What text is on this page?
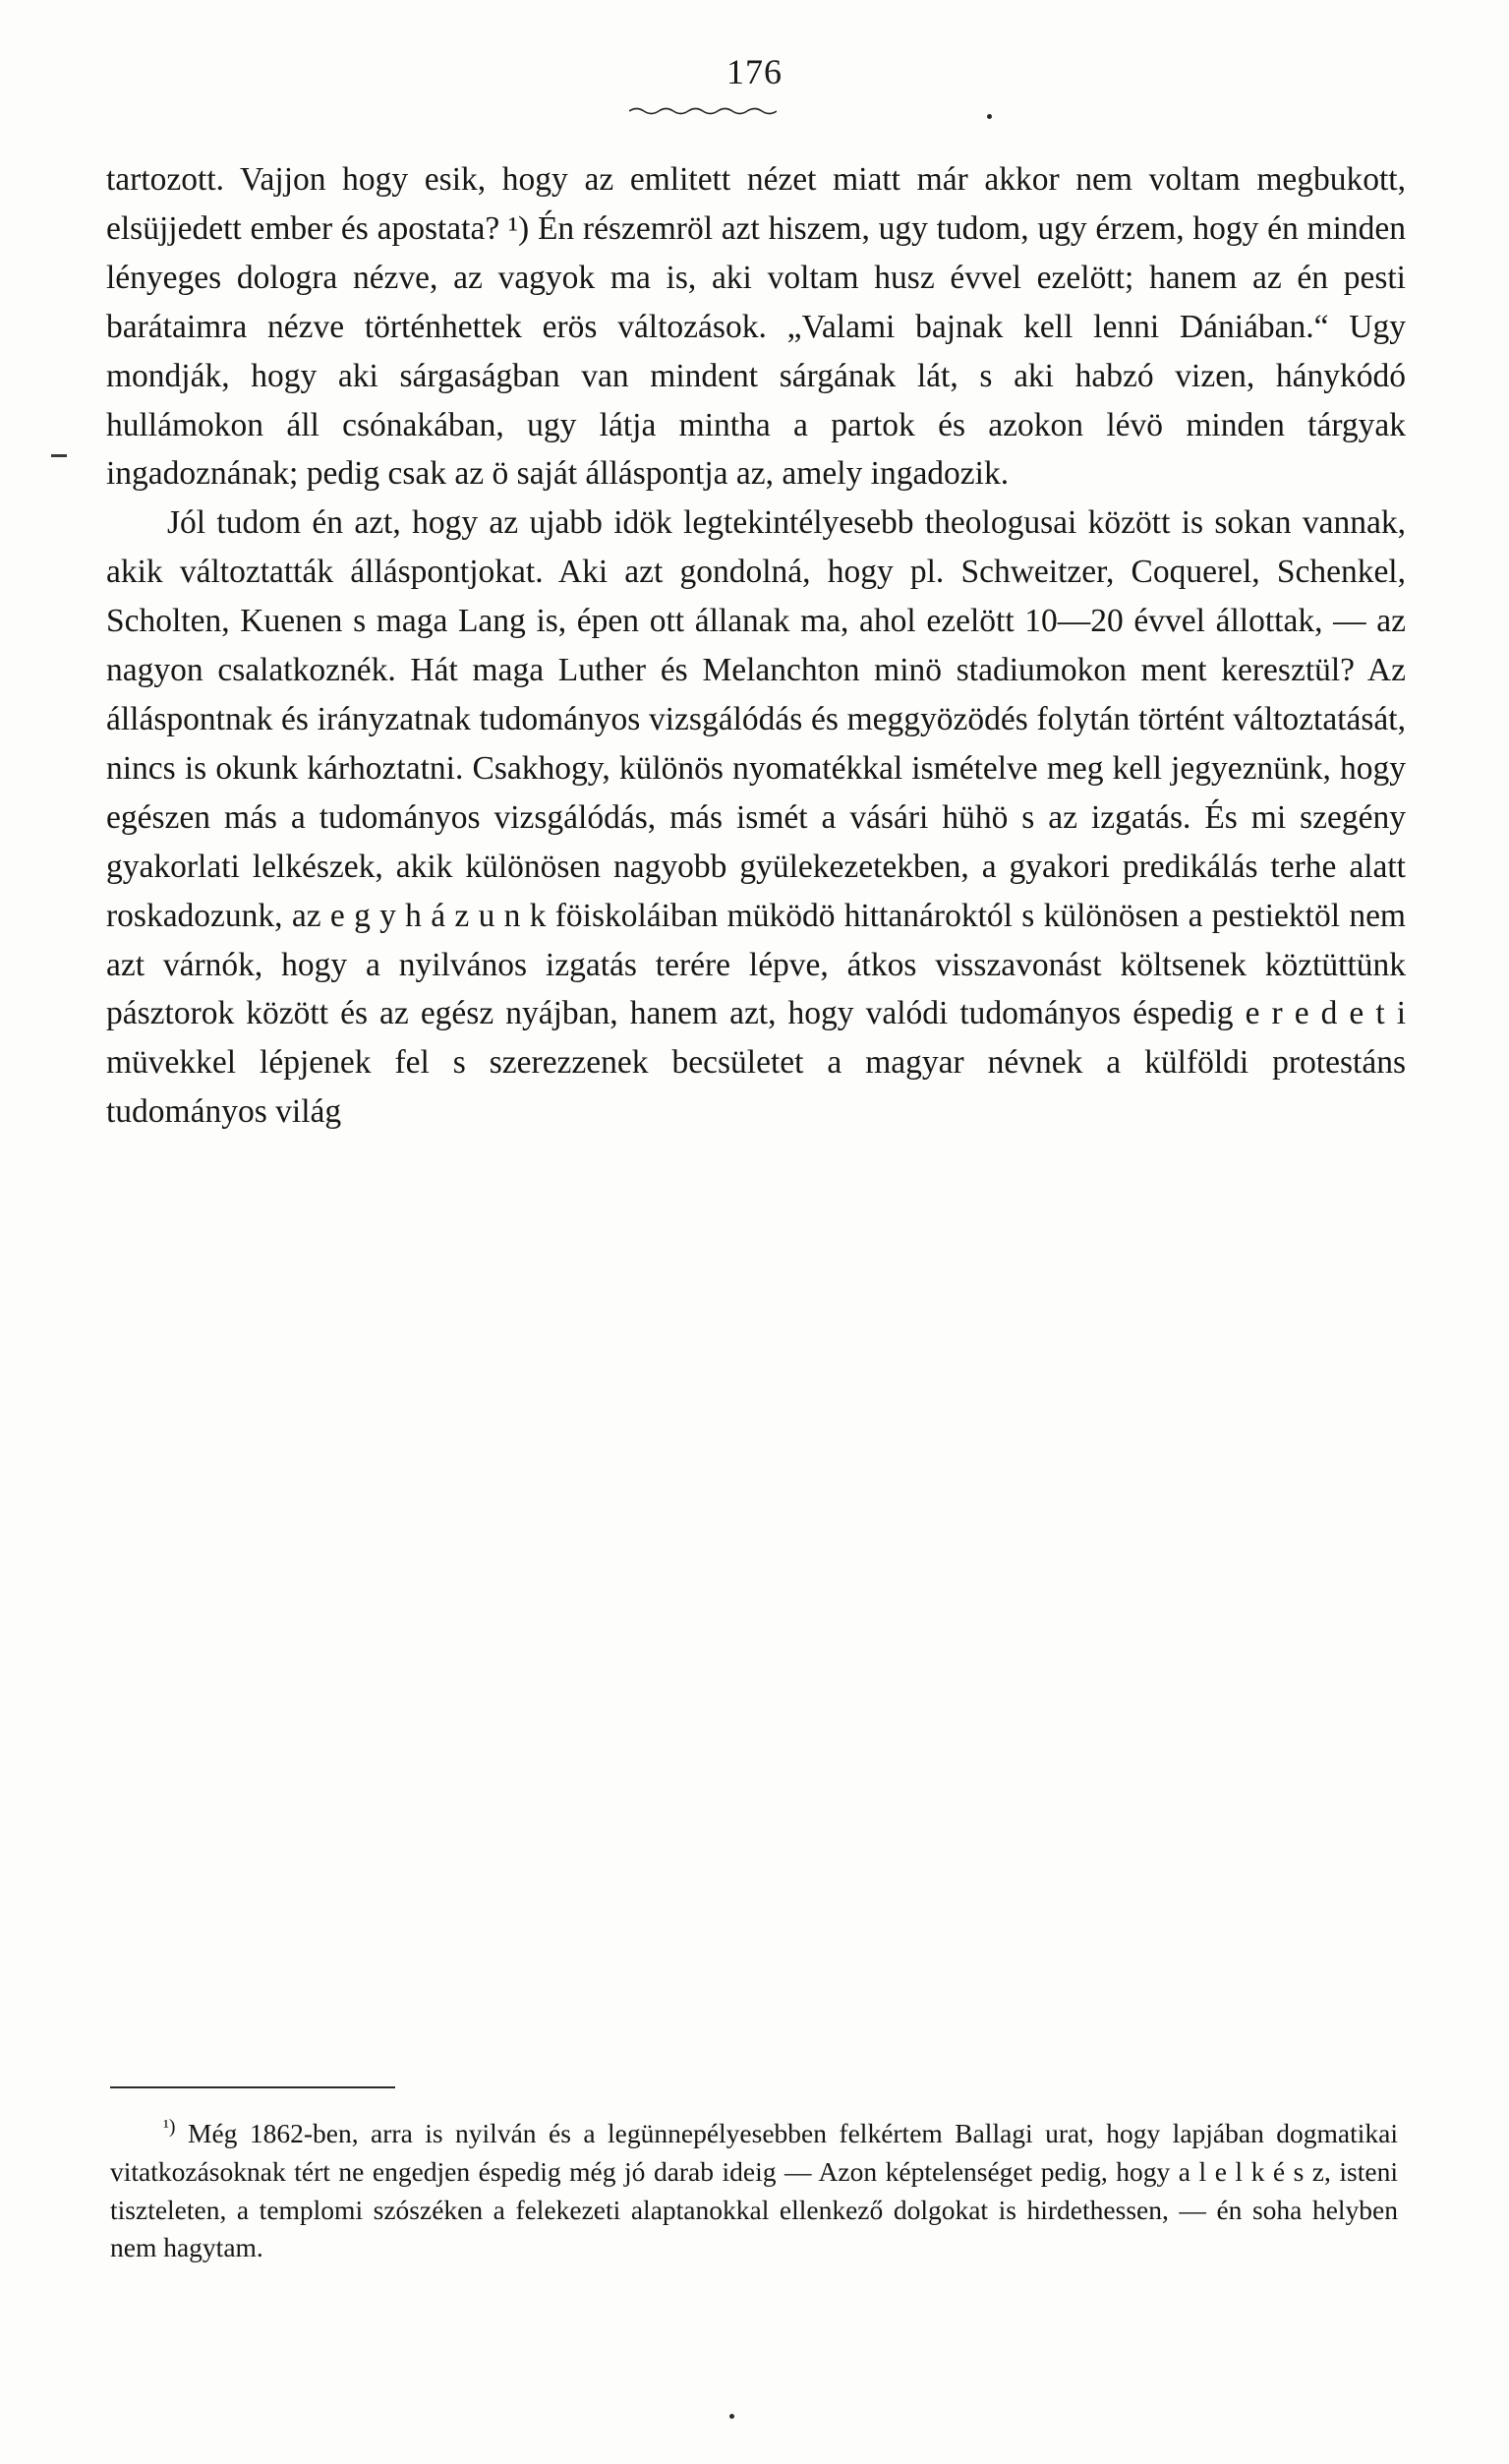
176

tartozott. Vajjon hogy esik, hogy az emlitett nézet miatt már akkor nem voltam megbukott, elsüjjedett ember és apostata? ¹) Én részemröl azt hiszem, ugy tudom, ugy érzem, hogy én minden lényeges dologra nézve, az vagyok ma is, aki voltam husz évvel ezelött; hanem az én pesti barátaimra nézve történhettek erös változások. „Valami bajnak kell lenni Dániában.“ Ugy mondják, hogy aki sárgaságban van mindent sárgának lát, s aki habzó vizen, hánykódó hullámokon áll csónakában, ugy látja mintha a partok és azokon lévö minden tárgyak ingadoznának; pedig csak az ö saját álláspontja az, amely ingadozik.

Jól tudom én azt, hogy az ujabb idök legtekintélyesebb theologusai között is sokan vannak, akik változtatták álláspontjokat. Aki azt gondolná, hogy pl. Schweitzer, Coquerel, Schenkel, Scholten, Kuenen s maga Lang is, épen ott állanak ma, ahol ezelött 10—20 évvel állottak, — az nagyon csalatkoznék. Hát maga Luther és Melanchton minö stadiumokon ment keresztül? Az álláspontnak és irányzatnak tudományos vizsgálódás és meggyözödés folytán történt változtatását, nincs is okunk kárhoztatni. Csakhogy, különös nyomatékkal ismételve meg kell jegyeznünk, hogy egészen más a tudományos vizsgálódás, más ismét a vásári hühö s az izgatás. És mi szegény gyakorlati lelkészek, akik különösen nagyobb gyülekezetekben, a gyakori predikálás terhe alatt roskadozunk, az e g y h á z u n k föiskoláiban müködö hittanároktól s különösen a pestiektöl nem azt várnók, hogy a nyilvános izgatás terére lépve, átkos visszavonást költsenek köztüttünk pásztorok között és az egész nyájban, hanem azt, hogy valódi tudományos éspedig e r e d e t i müvekkel lépjenek fel s szerezzenek becsületet a magyar névnek a külföldi protestáns tudományos világ

$^{^1)}$ Még 1862-ben, arra is nyilván és a legünnepélyesebben felkértem Ballagi urat, hogy lapjában dogmatikai vitatkozásoknak tért ne engedjen éspedig még jó darab ideig — Azon képtelenséget pedig, hogy a l e l k é s z, isteni tiszteleten, a templomi szószéken a felekezeti alaptanokkal ellenkező dolgokat is hirdethessen, — én soha helyben nem hagytam.
